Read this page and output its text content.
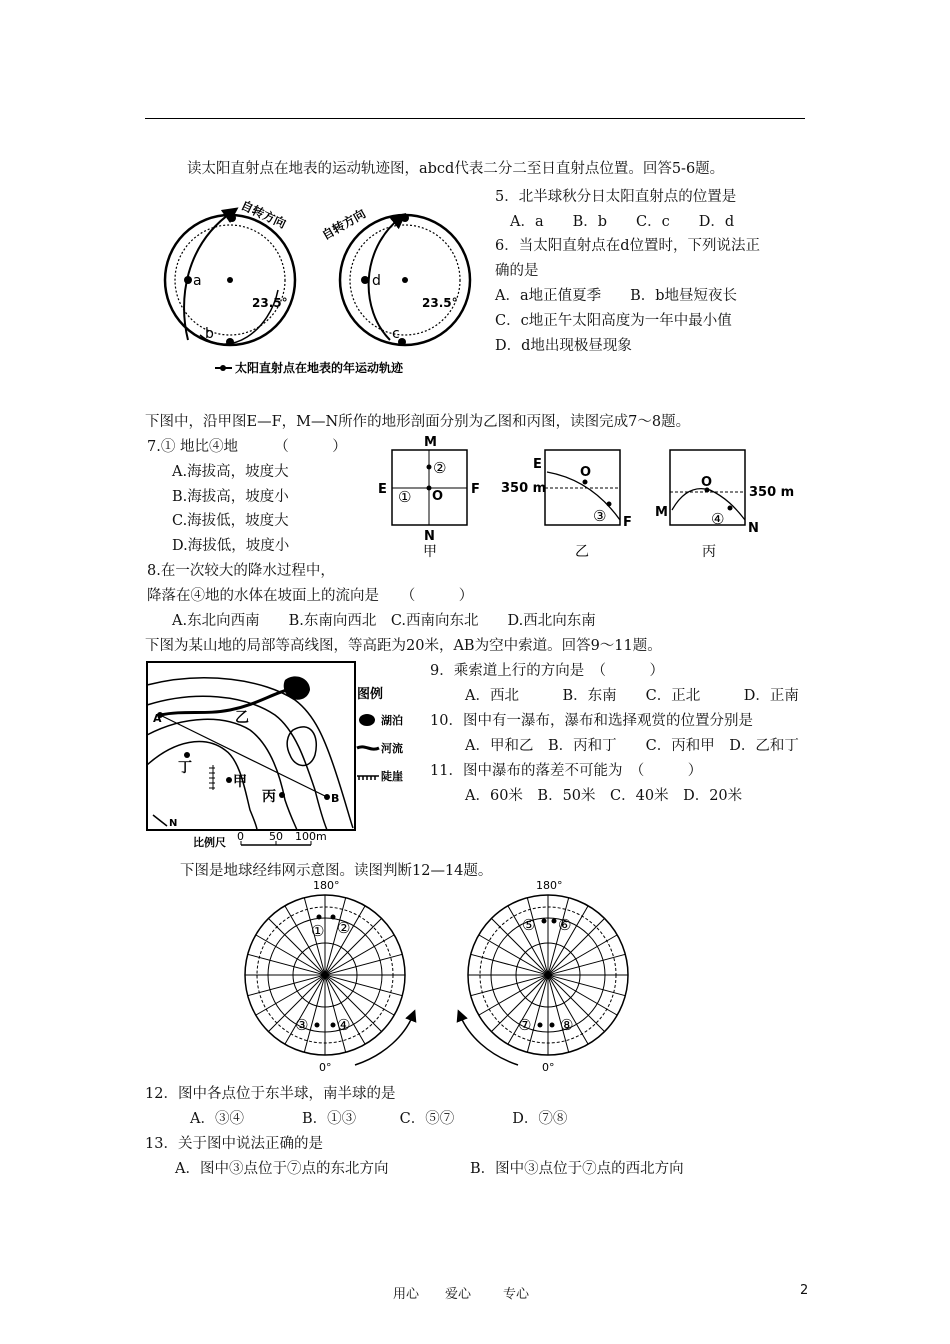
读太阳直射点在地表的运动轨迹图，abcd代表二分二至日直射点位置。回答5-6题。
5．北半球秋分日太阳直射点的位置是
A．a　　B．b　　C．c　　D．d
6．当太阳直射点在d位置时，下列说法正
确的是
A．a地正值夏季　　B．b地昼短夜长
C．c地正午太阳高度为一年中最小值
D．d地出现极昼现象
a
b
23.5°
自转方向
d
c
23.5°
自转方向
太阳直射点在地表的年运动轨迹
下图中，沿甲图E—F，M—N所作的地形剖面分别为乙图和丙图，读图完成7～8题。
7.① 地比④地　　　（　　　）
A.海拔高，坡度大
B.海拔高，坡度小
C.海拔低，坡度大
D.海拔低，坡度小
8.在一次较大的降水过程中，
降落在④地的水体在坡面上的流向是　　（　　　）
A.东北向西南　　B.东南向西北　C.西南向东北　　D.西北向东南
M
N
E	F
O
②
①
甲
E
350 m
O
③ F
乙
O
350 m
M	④
N
丙
下图为某山地的局部等高线图，等高距为20米，AB为空中索道。回答9～11题。
9．乘索道上行的方向是　（　　　）
A．西北　　　B．东南　　C．正北　　　D．正南
10．图中有一瀑布，瀑布和选择观赏的位置分别是
A．甲和乙　B．丙和丁　　C．丙和甲　D．乙和丁
11．图中瀑布的落差不可能为　（　　　）
A．60米　B．50米　C．40米　D．20米
A
B
乙
丁
甲
丙
N
图例
湖泊
河流
陡崖
比例尺 0 50 100m
下图是地球经纬网示意图。读图判断12—14题。
180°
0°
① ②
③ ④
180°
0°
⑤ ⑥
⑦ ⑧
12．图中各点位于东半球，南半球的是
A．③④　　　　B．①③　　　C．⑤⑦　　　　D．⑦⑧
13．关于图中说法正确的是
A．图中③点位于⑦点的东北方向	B．图中③点位于⑦点的西北方向
用心 爱心 专心	2
